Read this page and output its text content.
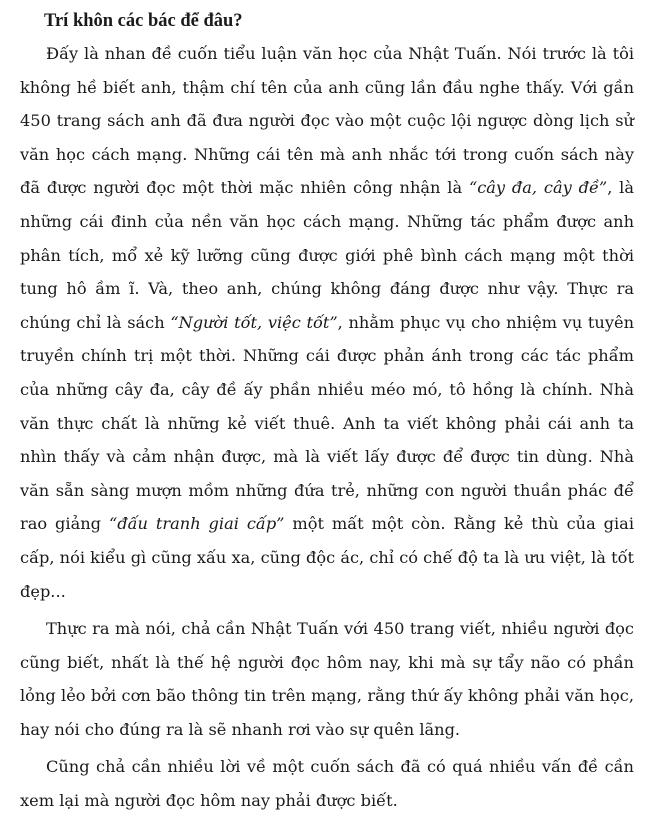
Trí khôn các bác để đâu?

Đấy là nhan đề cuốn tiểu luận văn học của Nhật Tuấn. Nói trước là tôi không hề biết anh, thậm chí tên của anh cũng lần đầu nghe thấy. Với gần 450 trang sách anh đã đưa người đọc vào một cuộc lội ngược dòng lịch sử văn học cách mạng. Những cái tên mà anh nhắc tới trong cuốn sách này đã được người đọc một thời mặc nhiên công nhận là “cây đa, cây đề”, là những cái đinh của nền văn học cách mạng. Những tác phẩm được anh phân tích, mổ xẻ kỹ lưỡng cũng được giới phê bình cách mạng một thời tung hô ầm ĩ. Và, theo anh, chúng không đáng được như vậy. Thực ra chúng chỉ là sách “Người tốt, việc tốt”, nhằm phục vụ cho nhiệm vụ tuyên truyền chính trị một thời. Những cái được phản ánh trong các tác phẩm của những cây đa, cây đề ấy phần nhiều méo mó, tô hồng là chính. Nhà văn thực chất là những kẻ viết thuê. Anh ta viết không phải cái anh ta nhìn thấy và cảm nhận được, mà là viết lấy được để được tin dùng. Nhà văn sẵn sàng mượn mồm những đứa trẻ, những con người thuần phác để rao giảng “đấu tranh giai cấp” một mất một còn. Rằng kẻ thù của giai cấp, nói kiểu gì cũng xấu xa, cũng độc ác, chỉ có chế độ ta là ưu việt, là tốt đẹp...

Thực ra mà nói, chả cần Nhật Tuấn với 450 trang viết, nhiều người đọc cũng biết, nhất là thế hệ người đọc hôm nay, khi mà sự tẩy não có phần lỏng lẻo bởi cơn bão thông tin trên mạng, rằng thứ ấy không phải văn học, hay nói cho đúng ra là sẽ nhanh rơi vào sự quên lãng.

Cũng chả cần nhiều lời về một cuốn sách đã có quá nhiều vấn đề cần xem lại mà người đọc hôm nay phải được biết.
